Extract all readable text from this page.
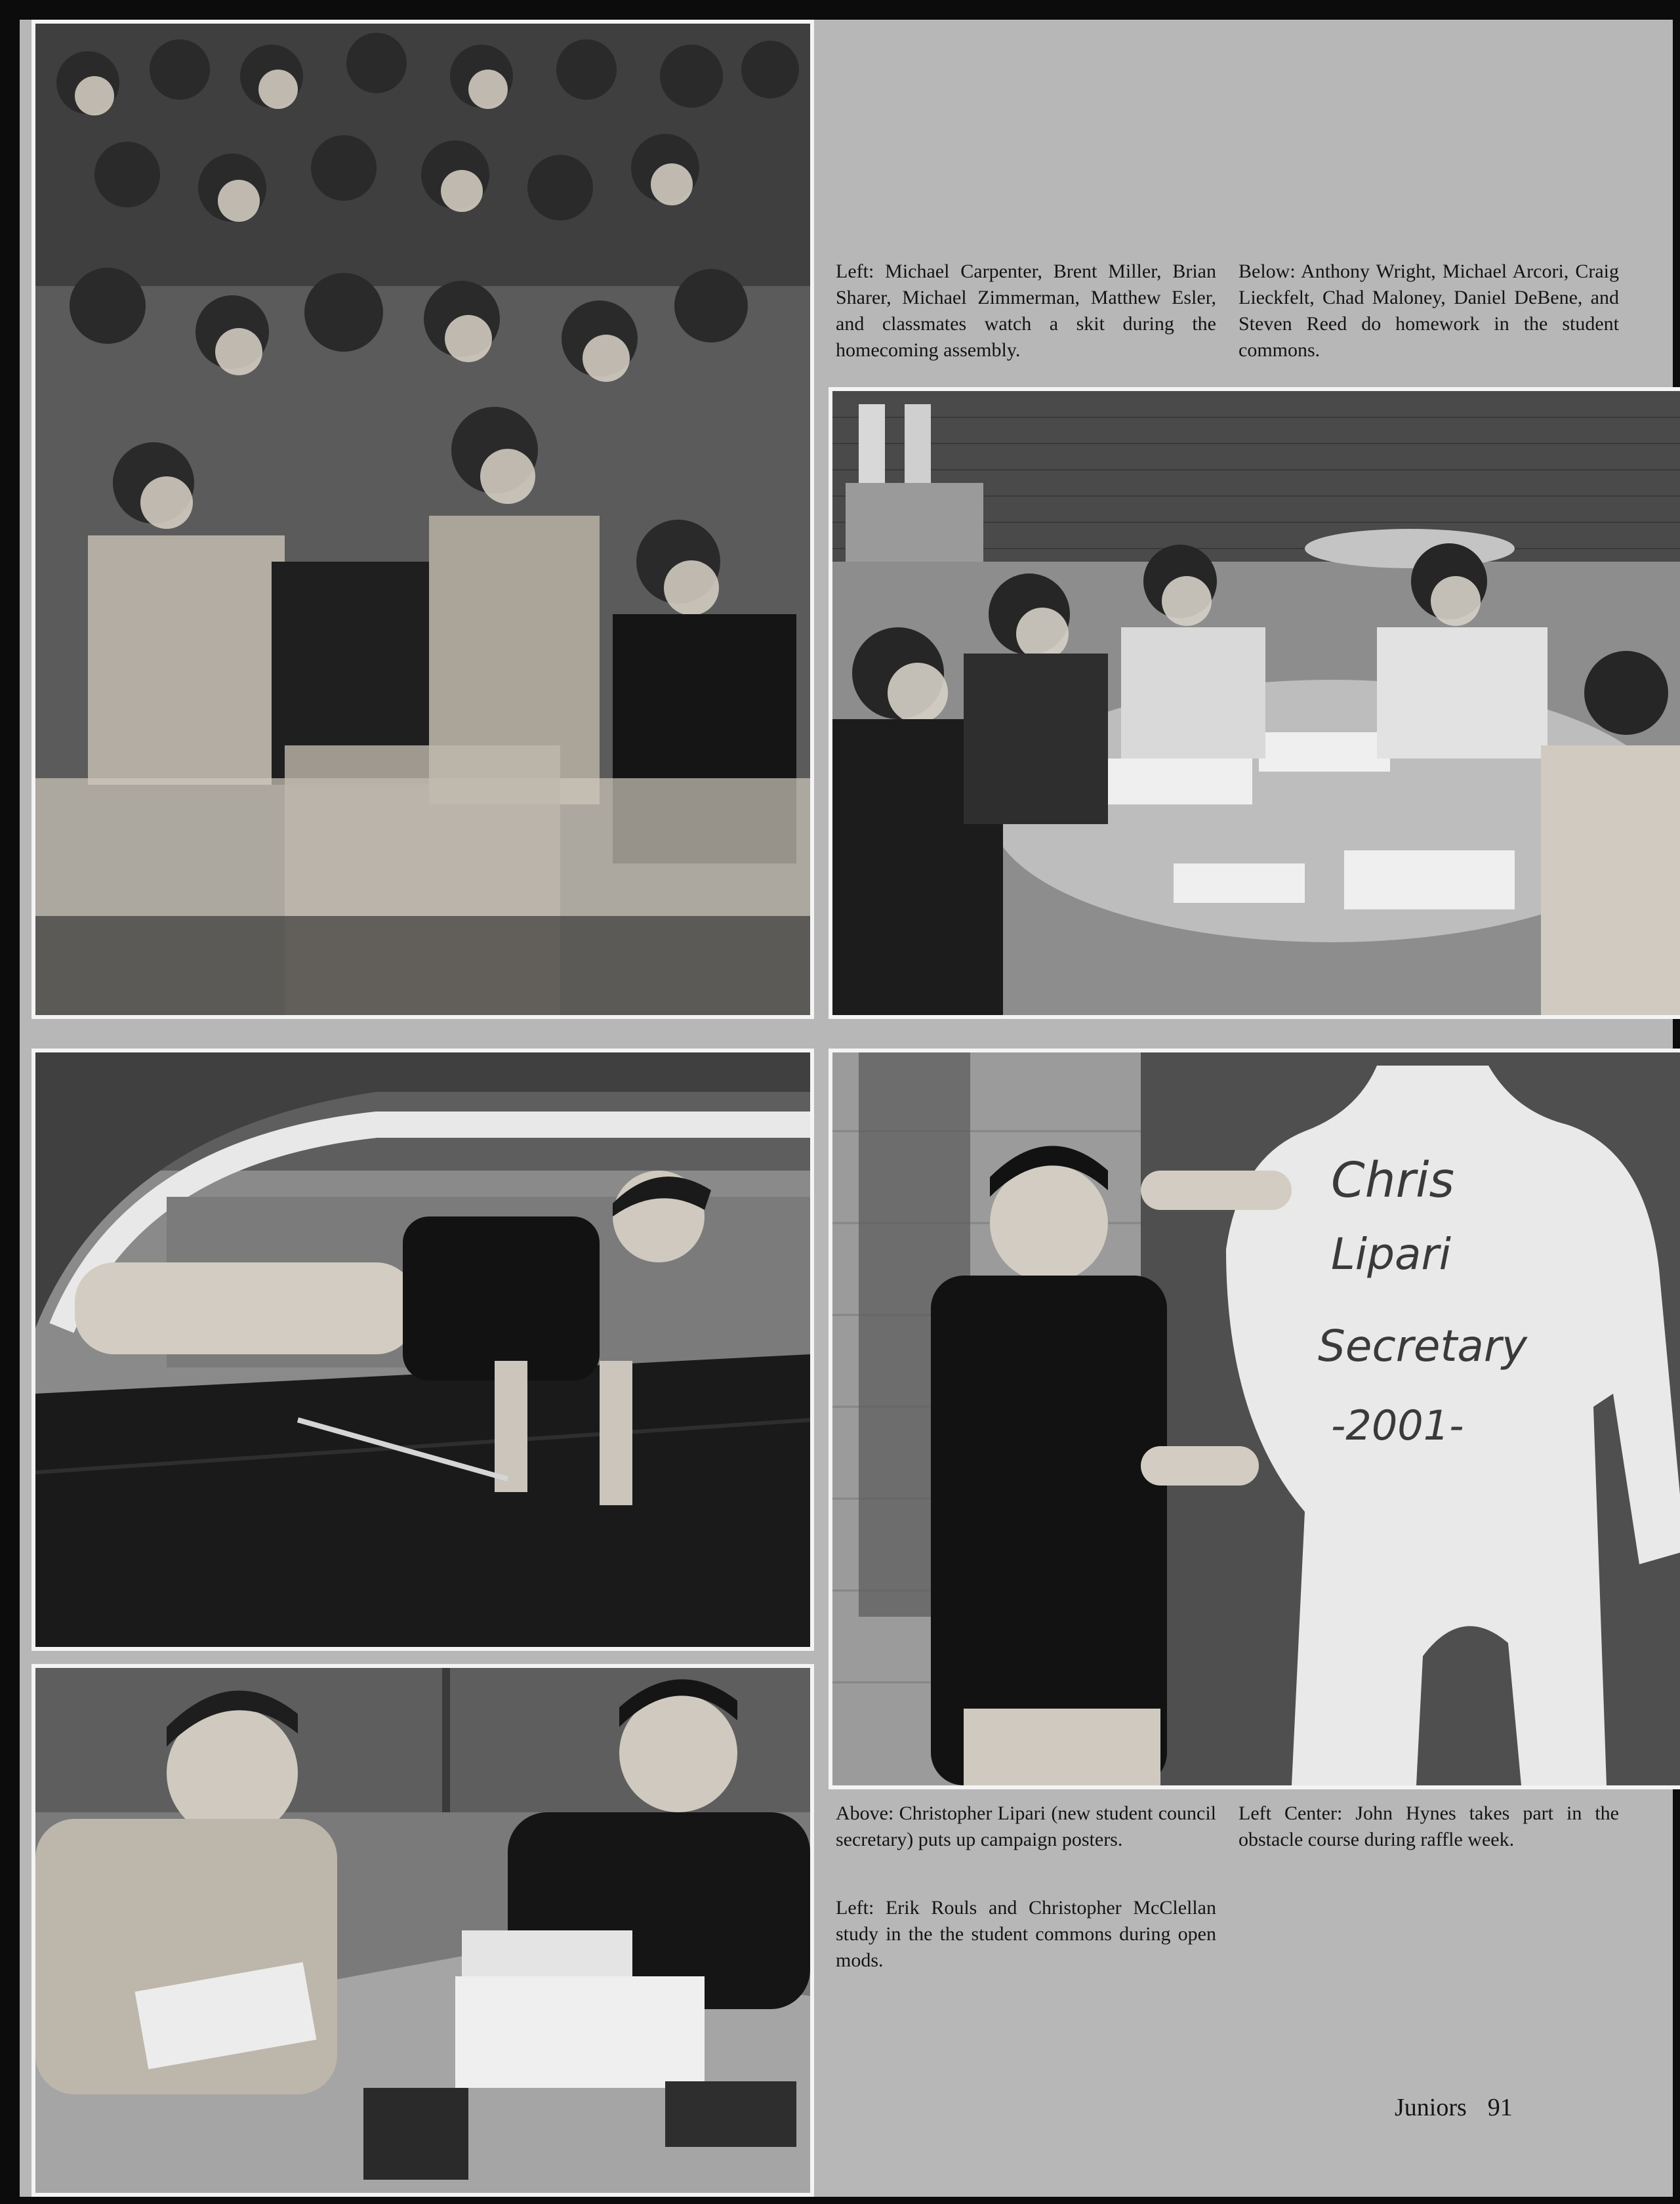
Left: Michael Carpenter, Brent Miller, Brian Sharer, Michael Zimmerman, Matthew Esler, and classmates watch a skit during the homecoming assembly.
Below: Anthony Wright, Michael Arcori, Craig Lieckfelt, Chad Maloney, Daniel DeBene, and Steven Reed do homework in the student commons.
Chris
Lipari
Secretary
-2001-
Above: Christopher Lipari (new student council secretary) puts up campaign posters.
Left Center: John Hynes takes part in the obstacle course during raffle week.
Left: Erik Rouls and Christopher McClellan study in the the student commons during open mods.
Juniors 91
